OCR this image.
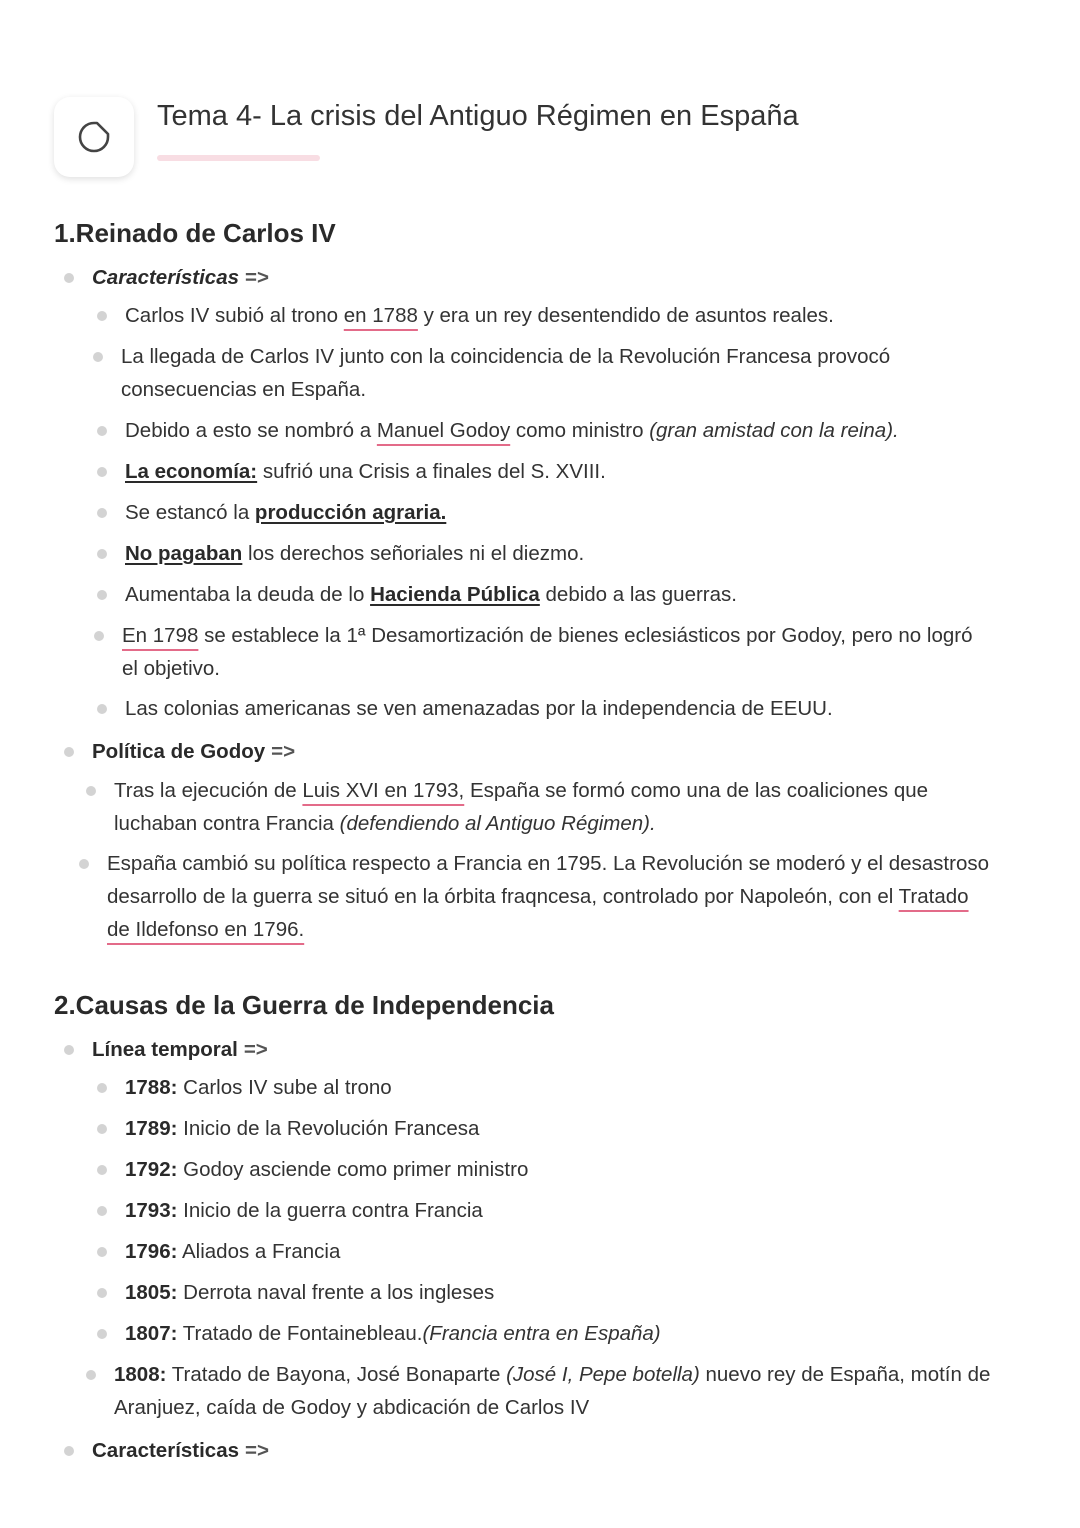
Tema 4- La crisis del Antiguo Régimen en España
1.Reinado de Carlos IV
Características =>
Carlos IV subió al trono en 1788 y era un rey desentendido de asuntos reales.
La llegada de Carlos IV junto con la coincidencia de la Revolución Francesa provocó
consecuencias en España.
Debido a esto se nombró a Manuel Godoy como ministro (gran amistad con la reina).
La economía: sufrió una Crisis a finales del S. XVIII.
Se estancó la producción agraria.
No pagaban los derechos señoriales ni el diezmo.
Aumentaba la deuda de lo Hacienda Pública debido a las guerras.
En 1798 se establece la 1ª Desamortización de bienes eclesiásticos por Godoy, pero no logró
el objetivo.
Las colonias americanas se ven amenazadas por la independencia de EEUU.
Política de Godoy =>
Tras la ejecución de Luis XVI en 1793, España se formó como una de las coaliciones que
luchaban contra Francia (defendiendo al Antiguo Régimen).
España cambió su política respecto a Francia en 1795. La Revolución se moderó y el desastroso
desarrollo de la guerra se situó en la órbita fraqncesa, controlado por Napoleón, con el Tratado
de Ildefonso en 1796.
2.Causas de la Guerra de Independencia
Línea temporal =>
1788: Carlos IV sube al trono
1789: Inicio de la Revolución Francesa
1792: Godoy asciende como primer ministro
1793: Inicio de la guerra contra Francia
1796: Aliados a Francia
1805: Derrota naval frente a los ingleses
1807: Tratado de Fontainebleau.(Francia entra en España)
1808: Tratado de Bayona, José Bonaparte (José I, Pepe botella) nuevo rey de España, motín de
Aranjuez, caída de Godoy y abdicación de Carlos IV
Características =>
